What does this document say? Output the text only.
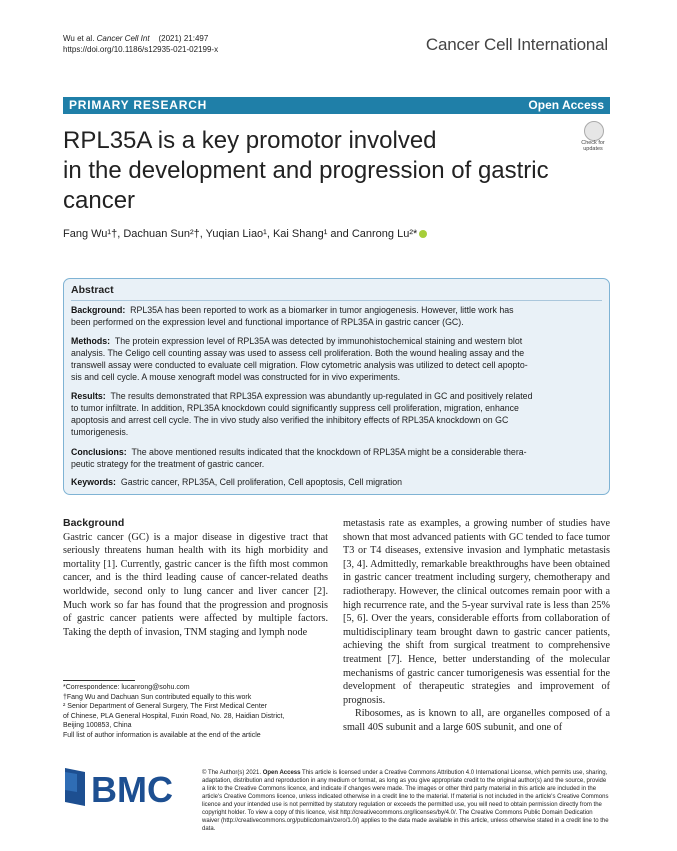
Wu et al. Cancer Cell Int (2021) 21:497
https://doi.org/10.1186/s12935-021-02199-x	Cancer Cell International
PRIMARY RESEARCH	Open Access
RPL35A is a key promotor involved
in the development and progression of gastric
cancer
Check for
updates
Fang Wu¹†, Dachuan Sun²†, Yuqian Liao¹, Kai Shang¹ and Canrong Lu²*
Abstract
Background: RPL35A has been reported to work as a biomarker in tumor angiogenesis. However, little work has
been performed on the expression level and functional importance of RPL35A in gastric cancer (GC).
Methods: The protein expression level of RPL35A was detected by immunohistochemical staining and western blot
analysis. The Celigo cell counting assay was used to assess cell proliferation. Both the wound healing assay and the
transwell assay were conducted to evaluate cell migration. Flow cytometric analysis was utilized to detect cell apopto-
sis and cell cycle. A mouse xenograft model was constructed for in vivo experiments.
Results: The results demonstrated that RPL35A expression was abundantly up-regulated in GC and positively related
to tumor infiltrate. In addition, RPL35A knockdown could significantly suppress cell proliferation, migration, enhance
apoptosis and arrest cell cycle. The in vivo study also verified the inhibitory effects of RPL35A knockdown on GC
tumorigenesis.
Conclusions: The above mentioned results indicated that the knockdown of RPL35A might be a considerable thera-
peutic strategy for the treatment of gastric cancer.
Keywords: Gastric cancer, RPL35A, Cell proliferation, Cell apoptosis, Cell migration
Background
Gastric cancer (GC) is a major disease in digestive tract that seriously threatens human health with its high morbidity and mortality [1]. Currently, gastric cancer is the fifth most common cancer, and is the third leading cause of cancer-related deaths worldwide, second only to lung cancer and liver cancer [2]. Much work so far has found that the progression and prognosis of gastric cancer patients were affected by multiple factors. Taking the depth of invasion, TNM staging and lymph node
metastasis rate as examples, a growing number of studies have shown that most advanced patients with GC tended to face tumor T3 or T4 diseases, extensive invasion and lymphatic metastasis [3, 4]. Admittedly, remarkable breakthroughs have been obtained in gastric cancer treatment including surgery, chemotherapy and radiotherapy. However, the clinical outcomes remain poor with a high recurrence rate, and the 5-year survival rate is less than 25% [5, 6]. Over the years, considerable efforts from collaboration of multidisciplinary team brought dawn to gastric cancer patients, achieving the shift from surgical treatment to comprehensive treatment [7]. Hence, better understanding of the molecular mechanisms of gastric cancer tumorigenesis was essential for the development of therapeutic strategies and improvement of prognosis.
Ribosomes, as is known to all, are organelles composed of a small 40S subunit and a large 60S subunit, and one of
*Correspondence: lucanrong@sohu.com
†Fang Wu and Dachuan Sun contributed equally to this work
² Senior Department of General Surgery, The First Medical Center
of Chinese, PLA General Hospital, Fuxin Road, No. 28, Haidian District,
Beijing 100853, China
Full list of author information is available at the end of the article
BMC	© The Author(s) 2021. Open Access This article is licensed under a Creative Commons Attribution 4.0 International License, which permits use, sharing, adaptation, distribution and reproduction in any medium or format, as long as you give appropriate credit to the original author(s) and the source, provide a link to the Creative Commons licence, and indicate if changes were made. The images or other third party material in this article are included in the article's Creative Commons licence, unless indicated otherwise in a credit line to the material. If material is not included in the article's Creative Commons licence and your intended use is not permitted by statutory regulation or exceeds the permitted use, you will need to obtain permission directly from the copyright holder. To view a copy of this licence, visit http://creativecommons.org/licenses/by/4.0/. The Creative Commons Public Domain Dedication waiver (http://creativecommons.org/publicdomain/zero/1.0/) applies to the data made available in this article, unless otherwise stated in a credit line to the data.
